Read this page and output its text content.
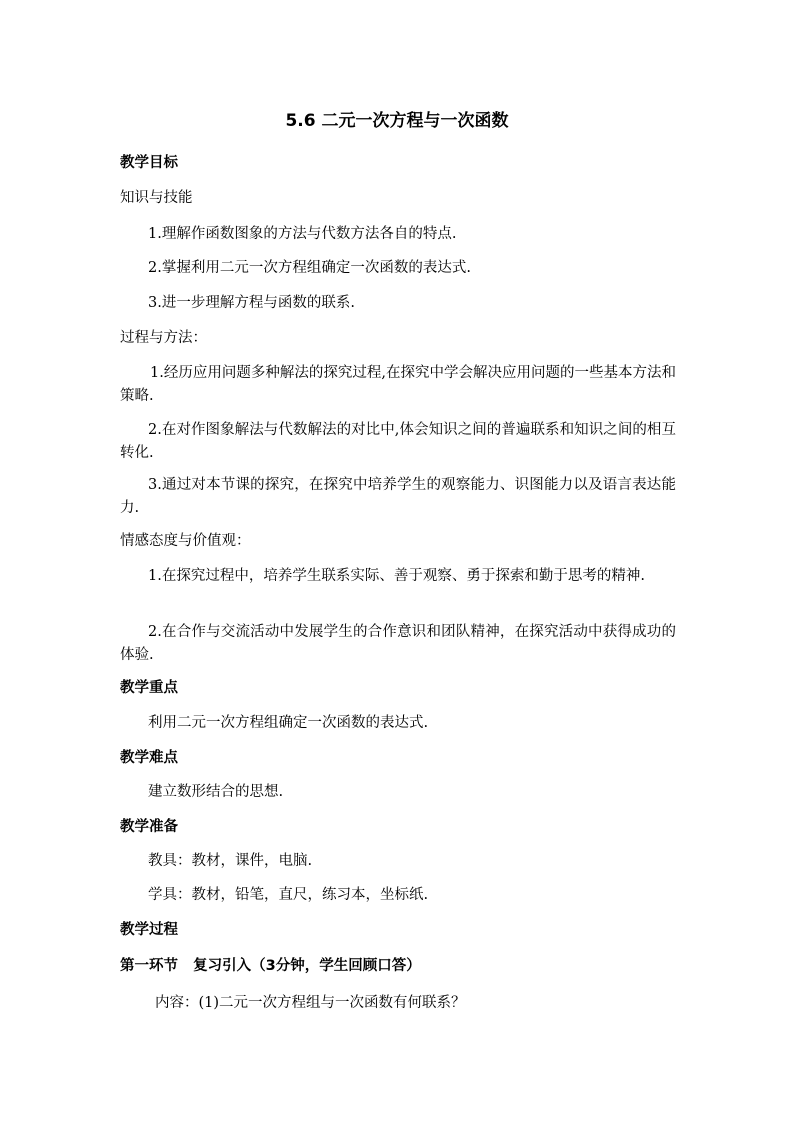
5.6 二元一次方程与一次函数
教学目标
知识与技能
1.理解作函数图象的方法与代数方法各自的特点.
2.掌握利用二元一次方程组确定一次函数的表达式.
3.进一步理解方程与函数的联系.
过程与方法：
1.经历应用问题多种解法的探究过程,在探究中学会解决应用问题的一些基本方法和策略.
2.在对作图象解法与代数解法的对比中,体会知识之间的普遍联系和知识之间的相互转化.
3.通过对本节课的探究，在探究中培养学生的观察能力、识图能力以及语言表达能力.
情感态度与价值观：
1.在探究过程中，培养学生联系实际、善于观察、勇于探索和勤于思考的精神.
2.在合作与交流活动中发展学生的合作意识和团队精神，在探究活动中获得成功的体验.
教学重点
利用二元一次方程组确定一次函数的表达式.
教学难点
建立数形结合的思想.
教学准备
教具：教材，课件，电脑.
学具：教材，铅笔，直尺，练习本，坐标纸.
教学过程
第一环节   复习引入（3分钟，学生回顾口答）
内容：(1)二元一次方程组与一次函数有何联系？
